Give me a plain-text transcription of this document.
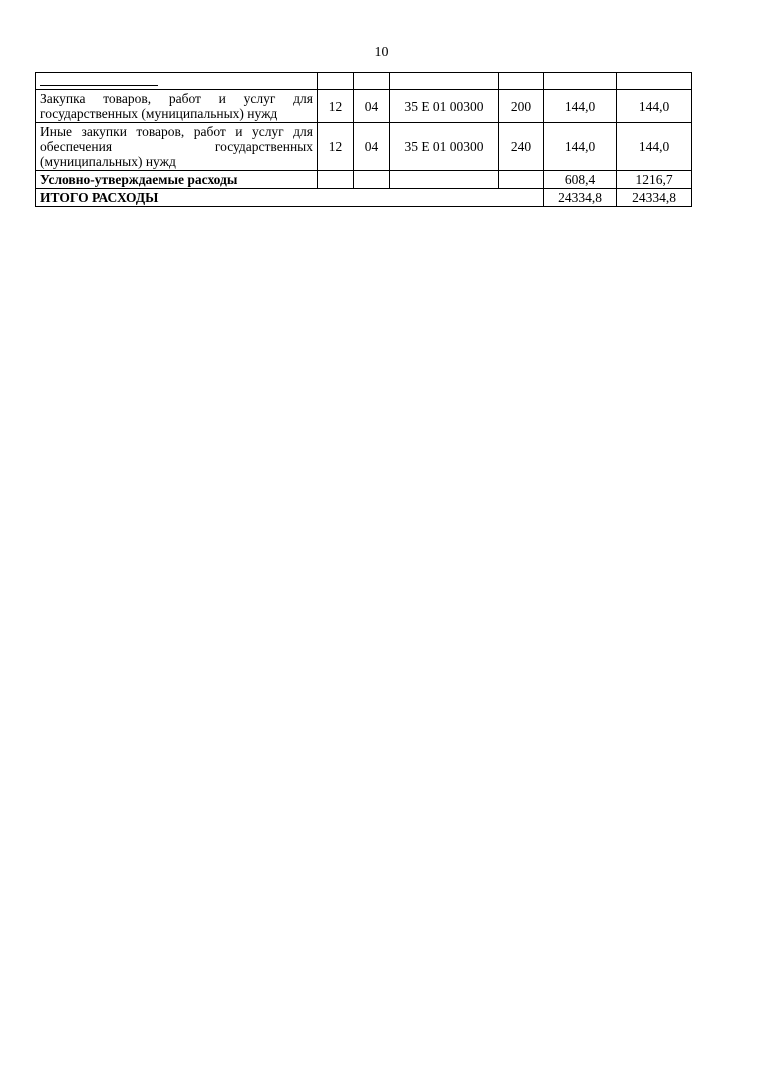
10

Закупка товаров, работ и услуг для государственных (муниципальных) нужд	12	04	35 Е 01 00300	200	144,0	144,0
Иные закупки товаров, работ и услуг для обеспечения государственных (муниципальных) нужд	12	04	35 Е 01 00300	240	144,0	144,0
Условно-утверждаемые расходы					608,4	1216,7
ИТОГО РАСХОДЫ					24334,8	24334,8
